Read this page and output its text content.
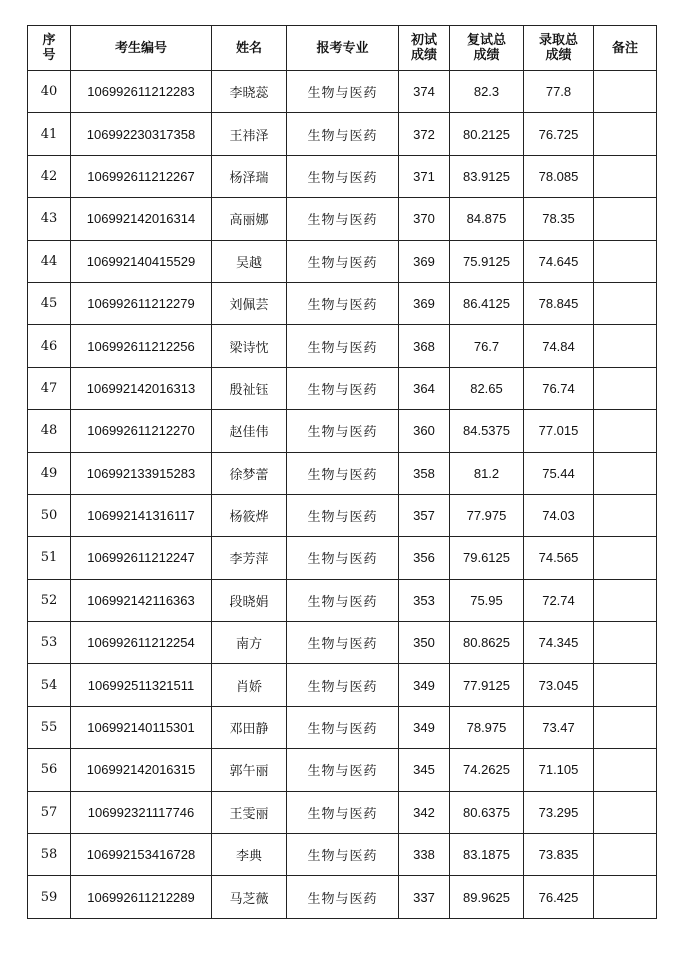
序号	考生编号	姓名	报考专业	初试成绩	复试总成绩	录取总成绩	备注
40	106992611212283	李晓蕊	生物与医药	374	82.3	77.8	
41	106992230317358	王祎泽	生物与医药	372	80.2125	76.725	
42	106992611212267	杨泽瑞	生物与医药	371	83.9125	78.085	
43	106992142016314	高丽娜	生物与医药	370	84.875	78.35	
44	106992140415529	吴越	生物与医药	369	75.9125	74.645	
45	106992611212279	刘佩芸	生物与医药	369	86.4125	78.845	
46	106992611212256	梁诗忱	生物与医药	368	76.7	74.84	
47	106992142016313	殷祉钰	生物与医药	364	82.65	76.74	
48	106992611212270	赵佳伟	生物与医药	360	84.5375	77.015	
49	106992133915283	徐梦蕾	生物与医药	358	81.2	75.44	
50	106992141316117	杨筱烨	生物与医药	357	77.975	74.03	
51	106992611212247	李芳萍	生物与医药	356	79.6125	74.565	
52	106992142116363	段晓娟	生物与医药	353	75.95	72.74	
53	106992611212254	南方	生物与医药	350	80.8625	74.345	
54	106992511321511	肖娇	生物与医药	349	77.9125	73.045	
55	106992140115301	邓田静	生物与医药	349	78.975	73.47	
56	106992142016315	郭午丽	生物与医药	345	74.2625	71.105	
57	106992321117746	王雯丽	生物与医药	342	80.6375	73.295	
58	106992153416728	李典	生物与医药	338	83.1875	73.835	
59	106992611212289	马芝薇	生物与医药	337	89.9625	76.425	
